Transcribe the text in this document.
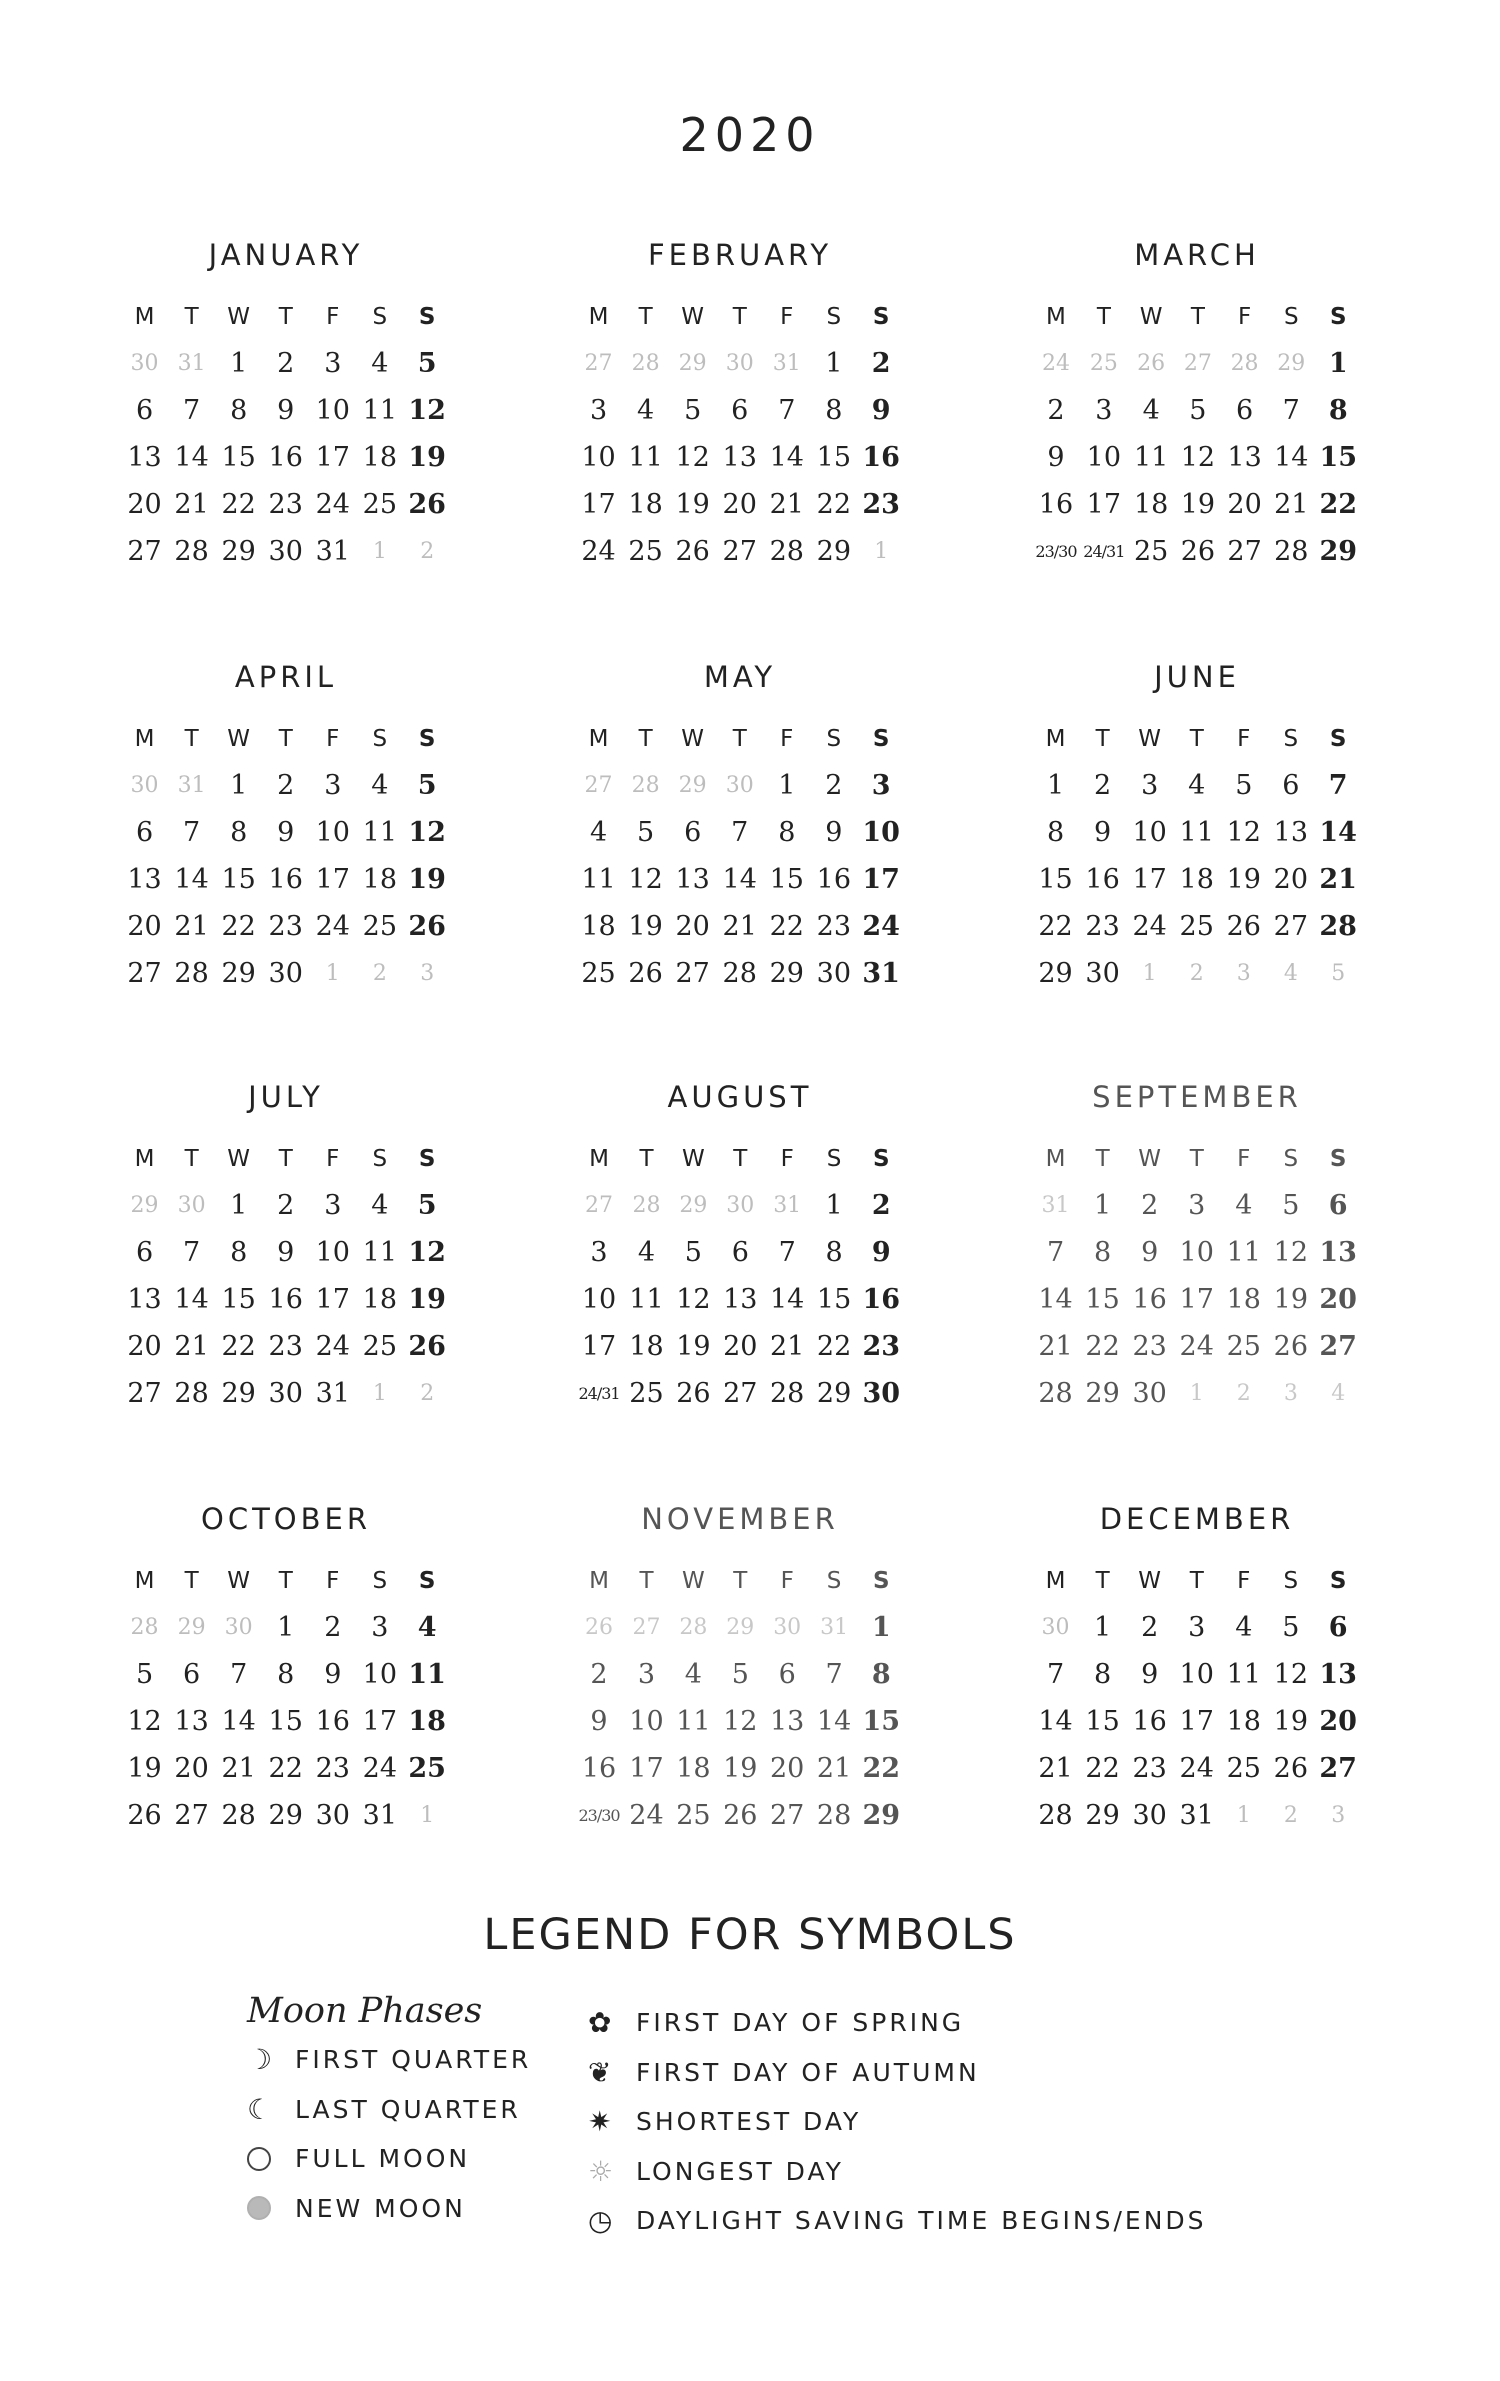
2020
JANUARY
M	T	W	T	F	S	S
30	31	1	2	3	4	5
6	7	8	9	10	11	12
13	14	15	16	17	18	19
20	21	22	23	24	25	26
27	28	29	30	31	1	2
FEBRUARY
M	T	W	T	F	S	S
27	28	29	30	31	1	2
3	4	5	6	7	8	9
10	11	12	13	14	15	16
17	18	19	20	21	22	23
24	25	26	27	28	29	1
MARCH
M	T	W	T	F	S	S
24	25	26	27	28	29	1
2	3	4	5	6	7	8
9	10	11	12	13	14	15
16	17	18	19	20	21	22
23/30	24/31	25	26	27	28	29
APRIL
M	T	W	T	F	S	S
30	31	1	2	3	4	5
6	7	8	9	10	11	12
13	14	15	16	17	18	19
20	21	22	23	24	25	26
27	28	29	30	1	2	3
MAY
M	T	W	T	F	S	S
27	28	29	30	1	2	3
4	5	6	7	8	9	10
11	12	13	14	15	16	17
18	19	20	21	22	23	24
25	26	27	28	29	30	31
JUNE
M	T	W	T	F	S	S
1	2	3	4	5	6	7
8	9	10	11	12	13	14
15	16	17	18	19	20	21
22	23	24	25	26	27	28
29	30	1	2	3	4	5
JULY
M	T	W	T	F	S	S
29	30	1	2	3	4	5
6	7	8	9	10	11	12
13	14	15	16	17	18	19
20	21	22	23	24	25	26
27	28	29	30	31	1	2
AUGUST
M	T	W	T	F	S	S
27	28	29	30	31	1	2
3	4	5	6	7	8	9
10	11	12	13	14	15	16
17	18	19	20	21	22	23
24/31	25	26	27	28	29	30
SEPTEMBER
M	T	W	T	F	S	S
31	1	2	3	4	5	6
7	8	9	10	11	12	13
14	15	16	17	18	19	20
21	22	23	24	25	26	27
28	29	30	1	2	3	4
OCTOBER
M	T	W	T	F	S	S
28	29	30	1	2	3	4
5	6	7	8	9	10	11
12	13	14	15	16	17	18
19	20	21	22	23	24	25
26	27	28	29	30	31	1
NOVEMBER
M	T	W	T	F	S	S
26	27	28	29	30	31	1
2	3	4	5	6	7	8
9	10	11	12	13	14	15
16	17	18	19	20	21	22
23/30	24	25	26	27	28	29
DECEMBER
M	T	W	T	F	S	S
30	1	2	3	4	5	6
7	8	9	10	11	12	13
14	15	16	17	18	19	20
21	22	23	24	25	26	27
28	29	30	31	1	2	3
LEGEND FOR SYMBOLS
Moon Phases
☽ FIRST QUARTER
☾ LAST QUARTER
FULL MOON
NEW MOON
✿ FIRST DAY OF SPRING
❦ FIRST DAY OF AUTUMN
✷ SHORTEST DAY
☼ LONGEST DAY
◷ DAYLIGHT SAVING TIME BEGINS/ENDS
